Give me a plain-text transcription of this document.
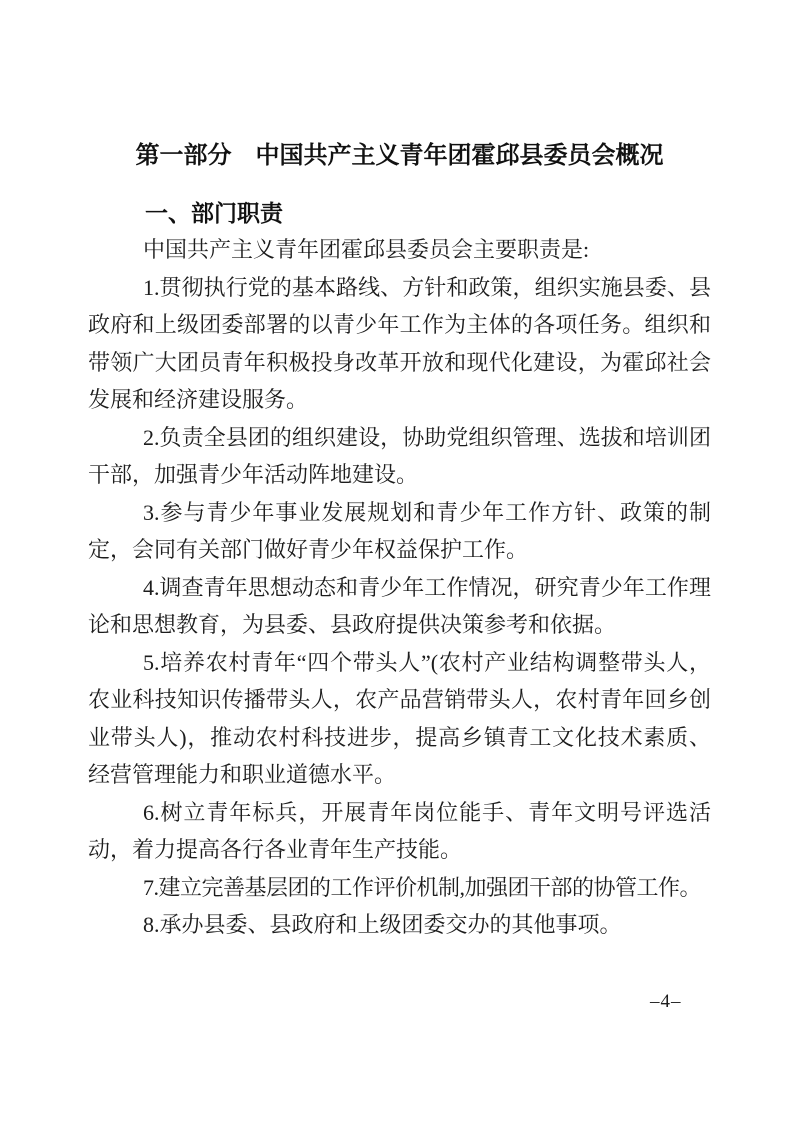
第一部分　中国共产主义青年团霍邱县委员会概况
一、部门职责

中国共产主义青年团霍邱县委员会主要职责是:

1.贯彻执行党的基本路线、方针和政策，组织实施县委、县政府和上级团委部署的以青少年工作为主体的各项任务。组织和带领广大团员青年积极投身改革开放和现代化建设，为霍邱社会发展和经济建设服务。

2.负责全县团的组织建设，协助党组织管理、选拔和培训团干部，加强青少年活动阵地建设。

3.参与青少年事业发展规划和青少年工作方针、政策的制定，会同有关部门做好青少年权益保护工作。

4.调查青年思想动态和青少年工作情况，研究青少年工作理论和思想教育，为县委、县政府提供决策参考和依据。

5.培养农村青年“四个带头人”(农村产业结构调整带头人，农业科技知识传播带头人，农产品营销带头人，农村青年回乡创业带头人)，推动农村科技进步，提高乡镇青工文化技术素质、经营管理能力和职业道德水平。

6.树立青年标兵，开展青年岗位能手、青年文明号评选活动，着力提高各行各业青年生产技能。

7.建立完善基层团的工作评价机制,加强团干部的协管工作。

8.承办县委、县政府和上级团委交办的其他事项。

–4–
